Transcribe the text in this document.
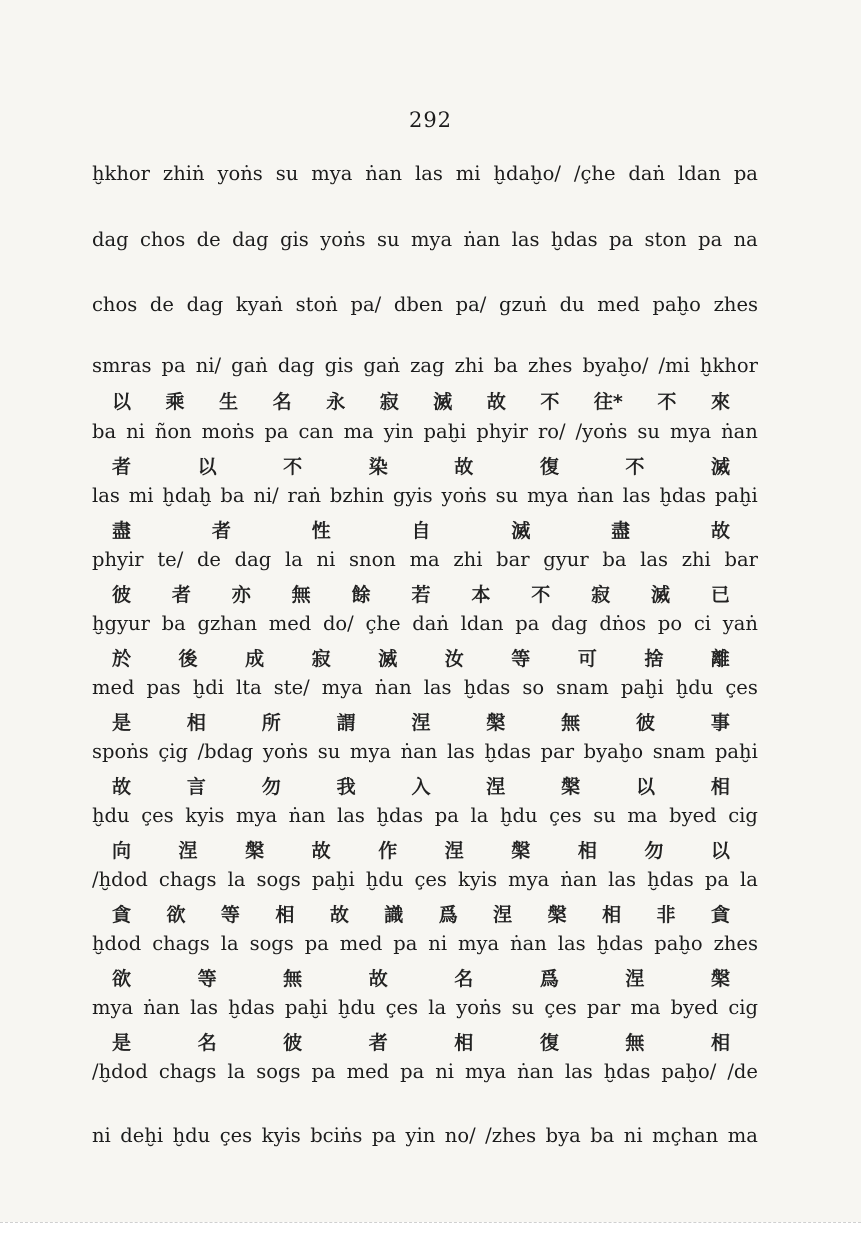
292
ḫkhor zhiṅ yoṅs su mya ṅan las mi ḫdaḫo/ /çhe daṅ ldan pa
dag chos de dag gis yoṅs su mya ṅan las ḫdas pa ston pa na
chos de dag kyaṅ stoṅ pa/ dben pa/ gzuṅ du med paḫo zhes
smras pa ni/ gaṅ dag gis gaṅ zag zhi ba zhes byaḫo/ /mi ḫkhor
以 乘 生 名 永 寂 滅 故 不 往* 不 來
ba ni ñon moṅs pa can ma yin paḫi phyir ro/ /yoṅs su mya ṅan
者	以	不	染	故	復	不	滅
las mi ḫdaḫ ba ni/ raṅ bzhin gyis yoṅs su mya ṅan las ḫdas paḫi
盡	者	性	自	滅	盡	故
phyir te/ de dag la ni snon ma zhi bar gyur ba las zhi bar
彼 者 亦 無 餘 若 本 不 寂 滅 已
ḫgyur ba gzhan med do/ çhe daṅ ldan pa dag dṅos po ci yaṅ
於	後	成	寂	滅	汝	等	可	捨	離
med pas ḫdi lta ste/ mya ṅan las ḫdas so snam paḫi ḫdu çes
是	相	所	謂	涅	槃	無	彼	事
spoṅs çig /bdag yoṅs su mya ṅan las ḫdas par byaḫo snam paḫi
故	言	勿	我	入	涅	槃	以	相
ḫdu çes kyis mya ṅan las ḫdas pa la ḫdu çes su ma byed cig
向	涅	槃	故	作	涅	槃	相	勿	以
/ḫdod chags la sogs paḫi ḫdu çes kyis mya ṅan las ḫdas pa la
貪 欲 等 相 故 識 爲 涅 槃 相 非 貪
ḫdod chags la sogs pa med pa ni mya ṅan las ḫdas paḫo zhes
欲	等	無	故	名	爲	涅	槃
mya ṅan las ḫdas paḫi ḫdu çes la yoṅs su çes par ma byed cig
是	名	彼	者	相	復	無	相
/ḫdod chags la sogs pa med pa ni mya ṅan las ḫdas paḫo/ /de
ni deḫi ḫdu çes kyis bciṅs pa yin no/ /zhes bya ba ni mçhan ma
